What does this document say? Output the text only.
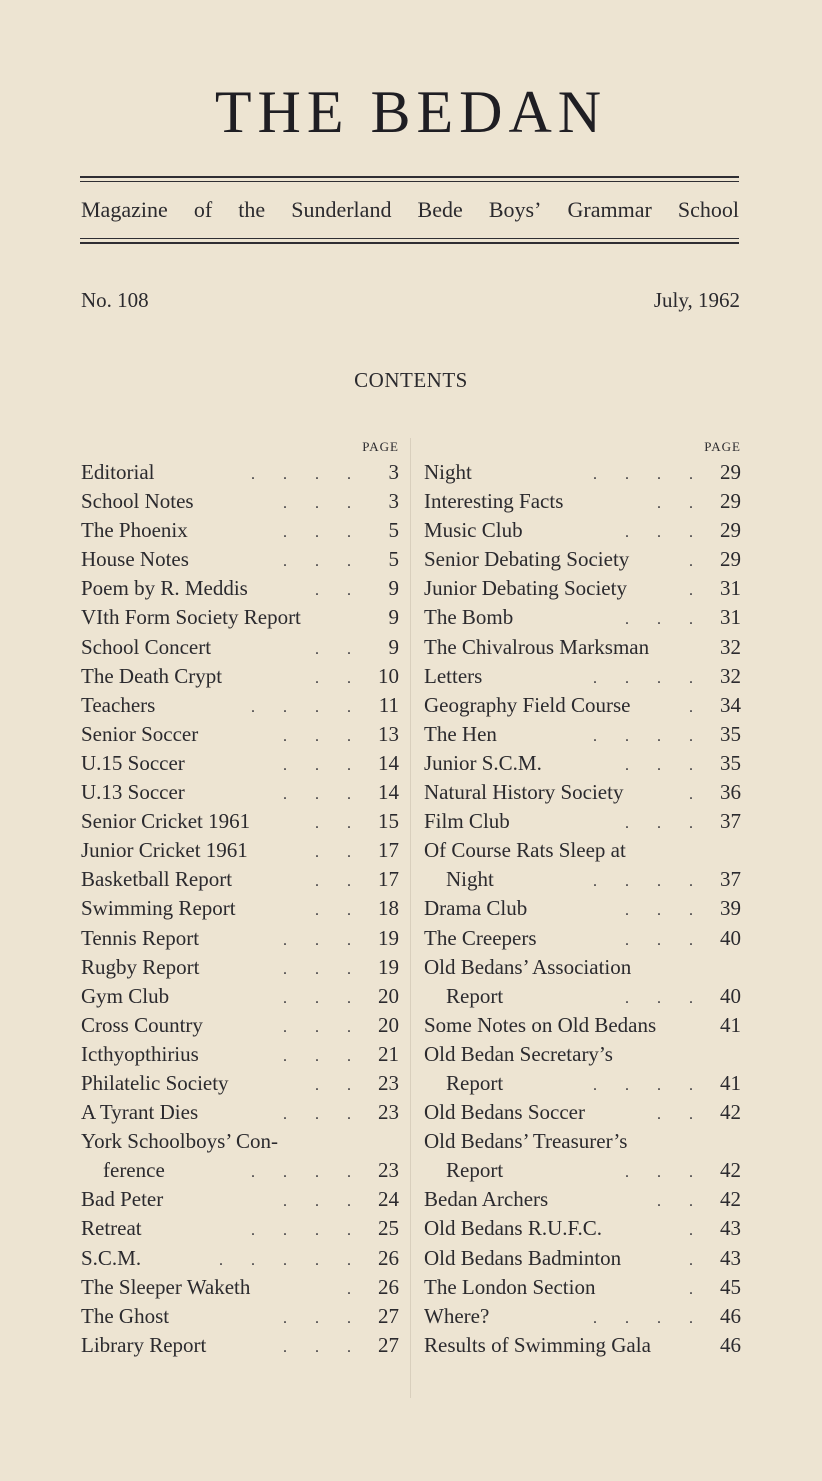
THE BEDAN
Magazine of the Sunderland Bede Boys’ Grammar School
No. 108	July, 1962
CONTENTS
PAGE
Editorial	. . . .	3
School Notes	. . .	3
The Phoenix	. . .	5
House Notes	. . .	5
Poem by R. Meddis	. .	9
VIth Form Society Report	9
School Concert	. .	9
The Death Crypt	. . 10
Teachers	. . . . 11
Senior Soccer	. . . 13
U.15 Soccer	. . . 14
U.13 Soccer	. . . 14
Senior Cricket 1961	. . 15
Junior Cricket 1961	. . 17
Basketball Report	. . 17
Swimming Report	. . 18
Tennis Report	. . . 19
Rugby Report	. . . 19
Gym Club	. . . 20
Cross Country	. . . 20
Icthyopthirius	. . . 21
Philatelic Society	. . 23
A Tyrant Dies	. . . 23
York Schoolboys’ Con-
ference	. . . . 23
Bad Peter	. . . 24
Retreat	. . . . 25
S.C.M.	. . . . . 26
The Sleeper Waketh	. 26
The Ghost	. . . 27
Library Report	. . . 27
PAGE
Night	. . . . 29
Interesting Facts	. . 29
Music Club	. . . 29
Senior Debating Society	. 29
Junior Debating Society	. 31
The Bomb	. . . 31
The Chivalrous Marksman	32
Letters	. . . . 32
Geography Field Course	. 34
The Hen	. . . . 35
Junior S.C.M.	. . . 35
Natural History Society	. 36
Film Club	. . . 37
Of Course Rats Sleep at
Night	. . . . 37
Drama Club	. . . 39
The Creepers	. . . 40
Old Bedans’ Association
Report	. . . 40
Some Notes on Old Bedans	41
Old Bedan Secretary’s
Report	. . . . 41
Old Bedans Soccer	. . 42
Old Bedans’ Treasurer’s
Report	. . . 42
Bedan Archers	. . 42
Old Bedans R.U.F.C.	. 43
Old Bedans Badminton	. 43
The London Section	. 45
Where?	. . . . 46
Results of Swimming Gala	46
